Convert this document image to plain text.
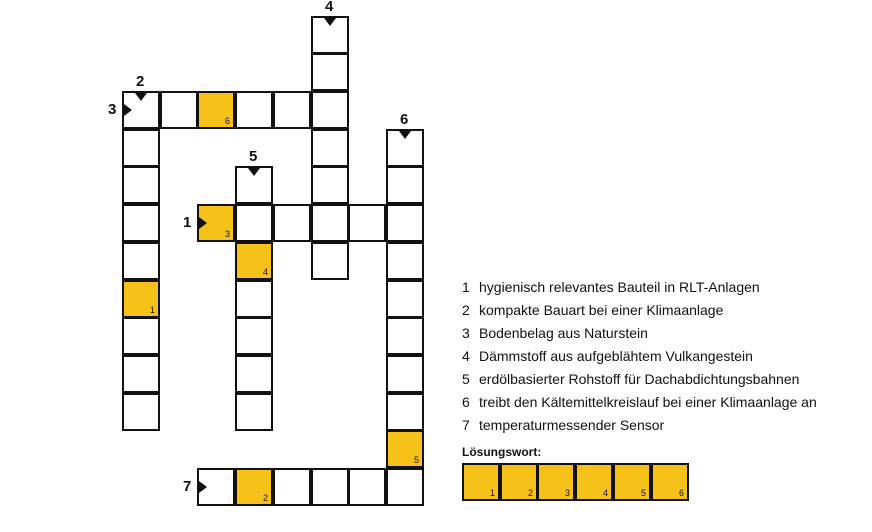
6
1
3
4
5
2
1
3
7
2
4
5
6
1 hygienisch relevantes Bauteil in RLT-Anlagen
2 kompakte Bauart bei einer Klimaanlage
3 Bodenbelag aus Naturstein
4 Dämmstoff aus aufgeblähtem Vulkangestein
5 erdölbasierter Rohstoff für Dachabdichtungsbahnen
6 treibt den Kältemittelkreislauf bei einer Klimaanlage an
7 temperaturmessender Sensor
Lösungswort:
1	2	3	4	5	6
